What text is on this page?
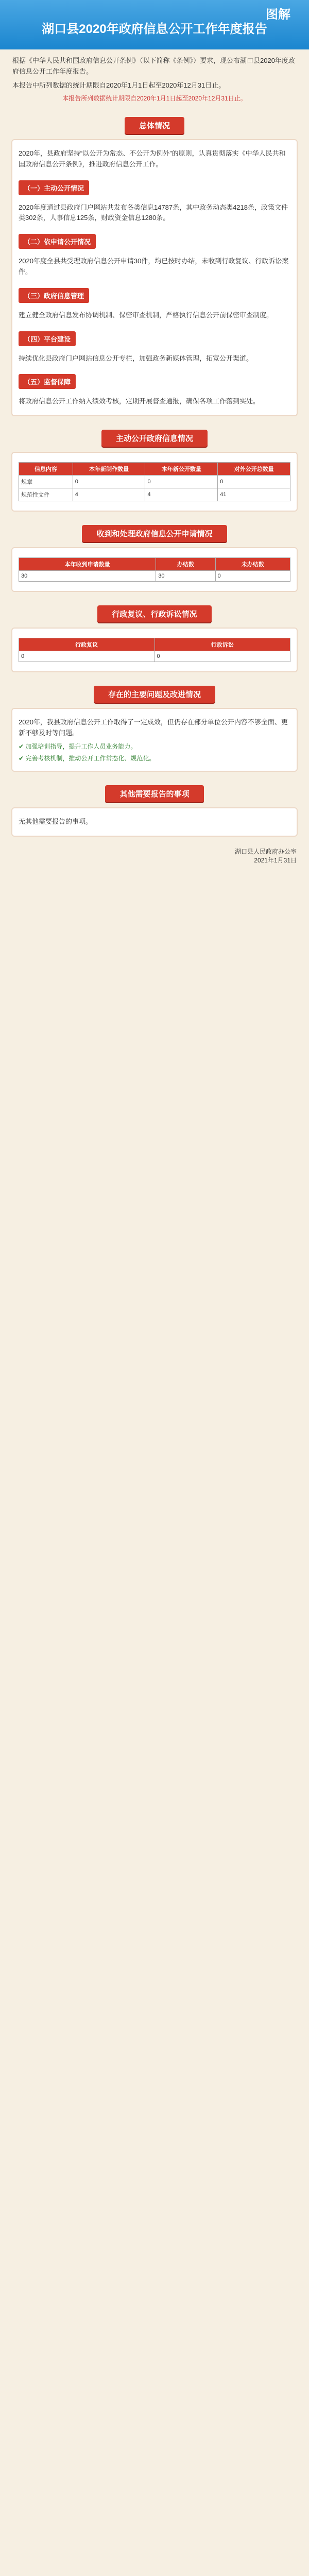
图解
湖口县2020年政府信息公开工作年度报告
根据《中华人民共和国政府信息公开条例》（以下简称《条例》）要求，现公布湖口县2020年度政府信息公开工作年度报告。
本报告中所列数据的统计期限自2020年1月1日起至2020年12月31日止。
本报告所列数据统计期限自2020年1月1日起至2020年12月31日止。
总体情况
2020年，县政府坚持“以公开为常态、不公开为例外”的原则，认真贯彻落实《中华人民共和国政府信息公开条例》，推进政府信息公开工作。
（一）主动公开情况
2020年度通过县政府门户网站共发布各类信息14787条，其中政务动态类4218条，政策文件类302条，人事信息125条，财政资金信息1280条。
（二）依申请公开情况
2020年度全县共受理政府信息公开申请30件，均已按时办结，未收到行政复议、行政诉讼案件。
（三）政府信息管理
建立健全政府信息发布协调机制、保密审查机制，严格执行信息公开前保密审查制度。
（四）平台建设
持续优化县政府门户网站信息公开专栏，加强政务新媒体管理，拓宽公开渠道。
（五）监督保障
将政府信息公开工作纳入绩效考核，定期开展督查通报，确保各项工作落到实处。
主动公开政府信息情况
信息内容	本年新制作数量	本年新公开数量	对外公开总数量
规章	0	0	0
规范性文件	4	4	41
收到和处理政府信息公开申请情况
本年收到申请数量	办结数	未办结数
30	30	0
行政复议、行政诉讼情况
行政复议	行政诉讼
0	0
存在的主要问题及改进情况
2020年，我县政府信息公开工作取得了一定成效，但仍存在部分单位公开内容不够全面、更新不够及时等问题。
✔ 加强培训指导，提升工作人员业务能力。
✔ 完善考核机制，推动公开工作常态化、规范化。
其他需要报告的事项
无其他需要报告的事项。
湖口县人民政府办公室
2021年1月31日
